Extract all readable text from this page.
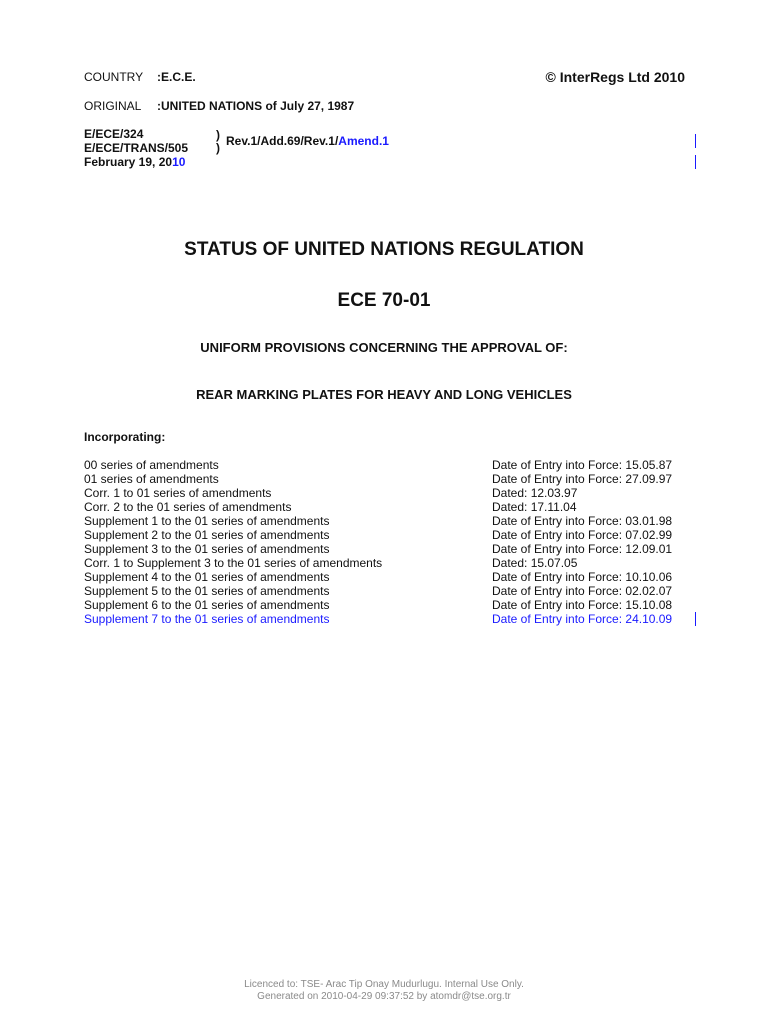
COUNTRY :E.C.E.	© InterRegs Ltd 2010
ORIGINAL :UNITED NATIONS of July 27, 1987
E/ECE/324
E/ECE/TRANS/505
February 19, 2010
)
) Rev.1/Add.69/Rev.1/Amend.1
STATUS OF UNITED NATIONS REGULATION
ECE 70-01
UNIFORM PROVISIONS CONCERNING THE APPROVAL OF:
REAR MARKING PLATES FOR HEAVY AND LONG VEHICLES
Incorporating:
00 series of amendments	Date of Entry into Force: 15.05.87
01 series of amendments	Date of Entry into Force: 27.09.97
Corr. 1 to 01 series of amendments	Dated: 12.03.97
Corr. 2 to the 01 series of amendments	Dated: 17.11.04
Supplement 1 to the 01 series of amendments	Date of Entry into Force: 03.01.98
Supplement 2 to the 01 series of amendments	Date of Entry into Force: 07.02.99
Supplement 3 to the 01 series of amendments	Date of Entry into Force: 12.09.01
Corr. 1 to Supplement 3 to the 01 series of amendments	Dated: 15.07.05
Supplement 4 to the 01 series of amendments	Date of Entry into Force: 10.10.06
Supplement 5 to the 01 series of amendments	Date of Entry into Force: 02.02.07
Supplement 6 to the 01 series of amendments	Date of Entry into Force: 15.10.08
Supplement 7 to the 01 series of amendments	Date of Entry into Force: 24.10.09
Licenced to: TSE- Arac Tip Onay Mudurlugu. Internal Use Only.
Generated on 2010-04-29 09:37:52 by atomdr@tse.org.tr
